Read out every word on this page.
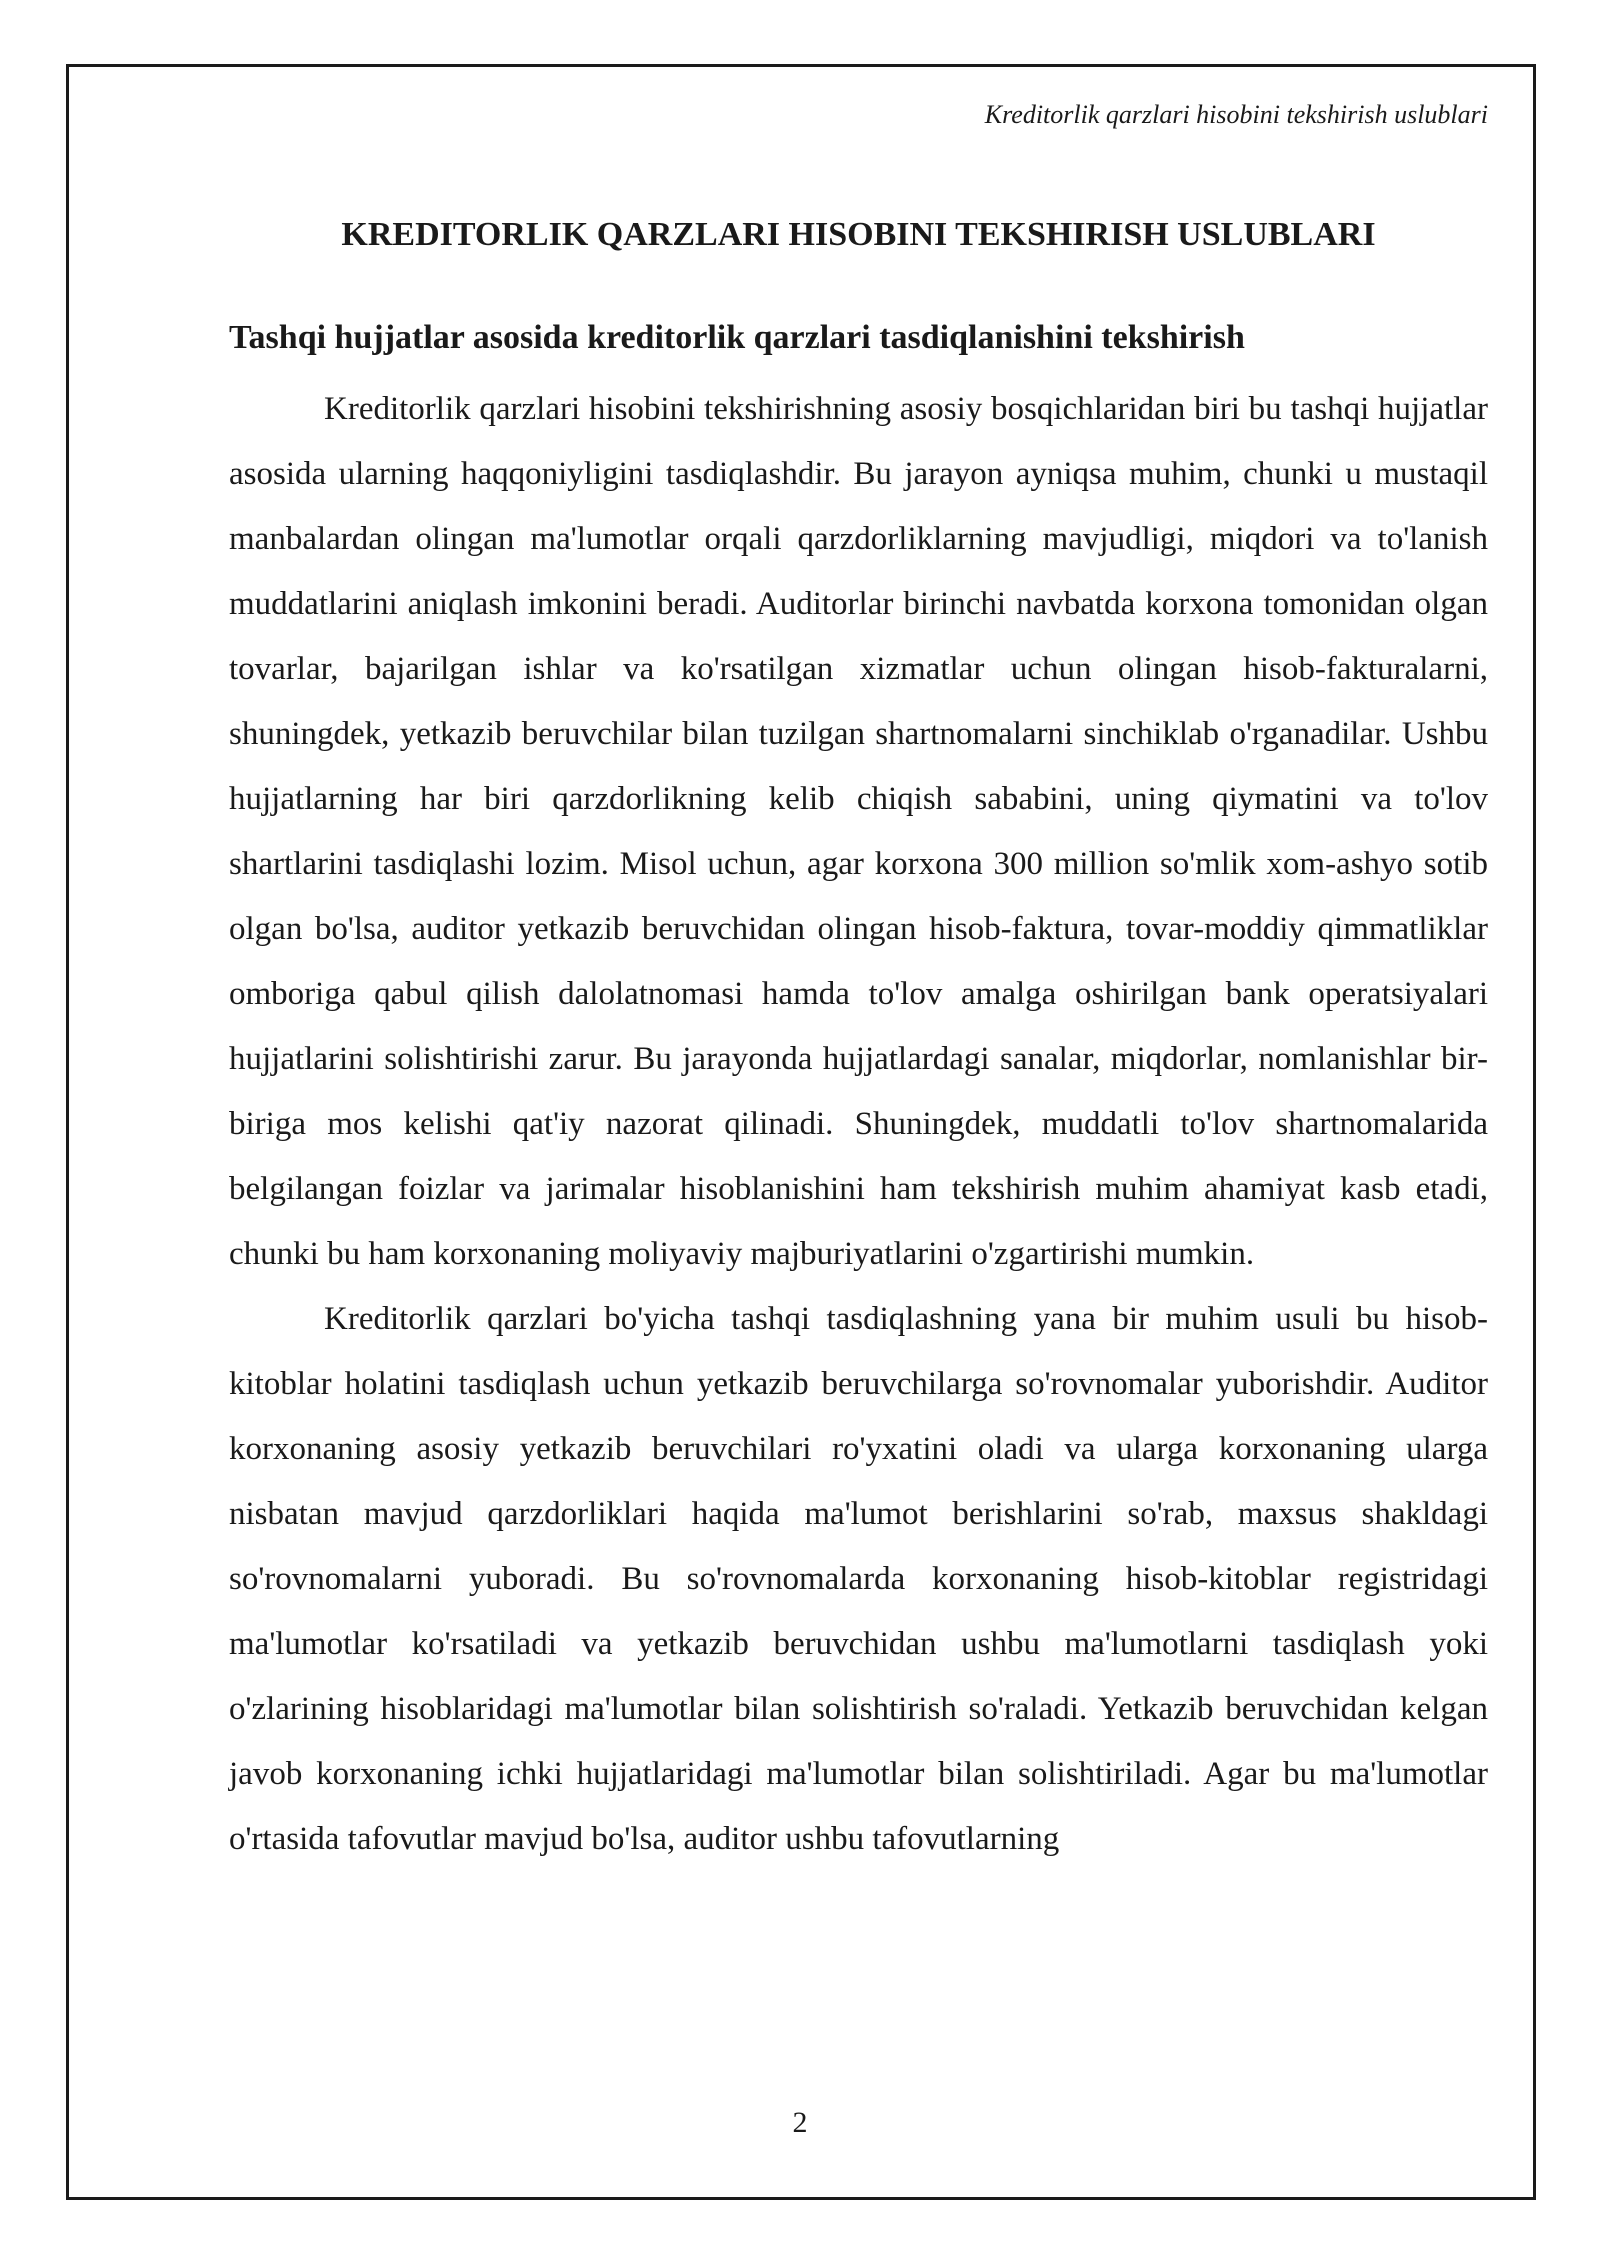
Kreditorlik qarzlari hisobini tekshirish uslublari
KREDITORLIK QARZLARI HISOBINI TEKSHIRISH USLUBLARI
Tashqi hujjatlar asosida kreditorlik qarzlari tasdiqlanishini tekshirish

Kreditorlik qarzlari hisobini tekshirishning asosiy bosqichlaridan biri bu tashqi hujjatlar asosida ularning haqqoniyligini tasdiqlashdir. Bu jarayon ayniqsa muhim, chunki u mustaqil manbalardan olingan ma'lumotlar orqali qarzdorliklarning mavjudligi, miqdori va to'lanish muddatlarini aniqlash imkonini beradi. Auditorlar birinchi navbatda korxona tomonidan olgan tovarlar, bajarilgan ishlar va ko'rsatilgan xizmatlar uchun olingan hisob-fakturalarni, shuningdek, yetkazib beruvchilar bilan tuzilgan shartnomalarni sinchiklab o'rganadilar. Ushbu hujjatlarning har biri qarzdorlikning kelib chiqish sababini, uning qiymatini va to'lov shartlarini tasdiqlashi lozim. Misol uchun, agar korxona 300 million so'mlik xom-ashyo sotib olgan bo'lsa, auditor yetkazib beruvchidan olingan hisob-faktura, tovar-moddiy qimmatliklar omboriga qabul qilish dalolatnomasi hamda to'lov amalga oshirilgan bank operatsiyalari hujjatlarini solishtirishi zarur. Bu jarayonda hujjatlardagi sanalar, miqdorlar, nomlanishlar bir-biriga mos kelishi qat'iy nazorat qilinadi. Shuningdek, muddatli to'lov shartnomalarida belgilangan foizlar va jarimalar hisoblanishini ham tekshirish muhim ahamiyat kasb etadi, chunki bu ham korxonaning moliyaviy majburiyatlarini o'zgartirishi mumkin.

Kreditorlik qarzlari bo'yicha tashqi tasdiqlashning yana bir muhim usuli bu hisob-kitoblar holatini tasdiqlash uchun yetkazib beruvchilarga so'rovnomalar yuborishdir. Auditor korxonaning asosiy yetkazib beruvchilari ro'yxatini oladi va ularga korxonaning ularga nisbatan mavjud qarzdorliklari haqida ma'lumot berishlarini so'rab, maxsus shakldagi so'rovnomalarni yuboradi. Bu so'rovnomalarda korxonaning hisob-kitoblar registridagi ma'lumotlar ko'rsatiladi va yetkazib beruvchidan ushbu ma'lumotlarni tasdiqlash yoki o'zlarining hisoblaridagi ma'lumotlar bilan solishtirish so'raladi. Yetkazib beruvchidan kelgan javob korxonaning ichki hujjatlaridagi ma'lumotlar bilan solishtiriladi. Agar bu ma'lumotlar o'rtasida tafovutlar mavjud bo'lsa, auditor ushbu tafovutlarning

2
